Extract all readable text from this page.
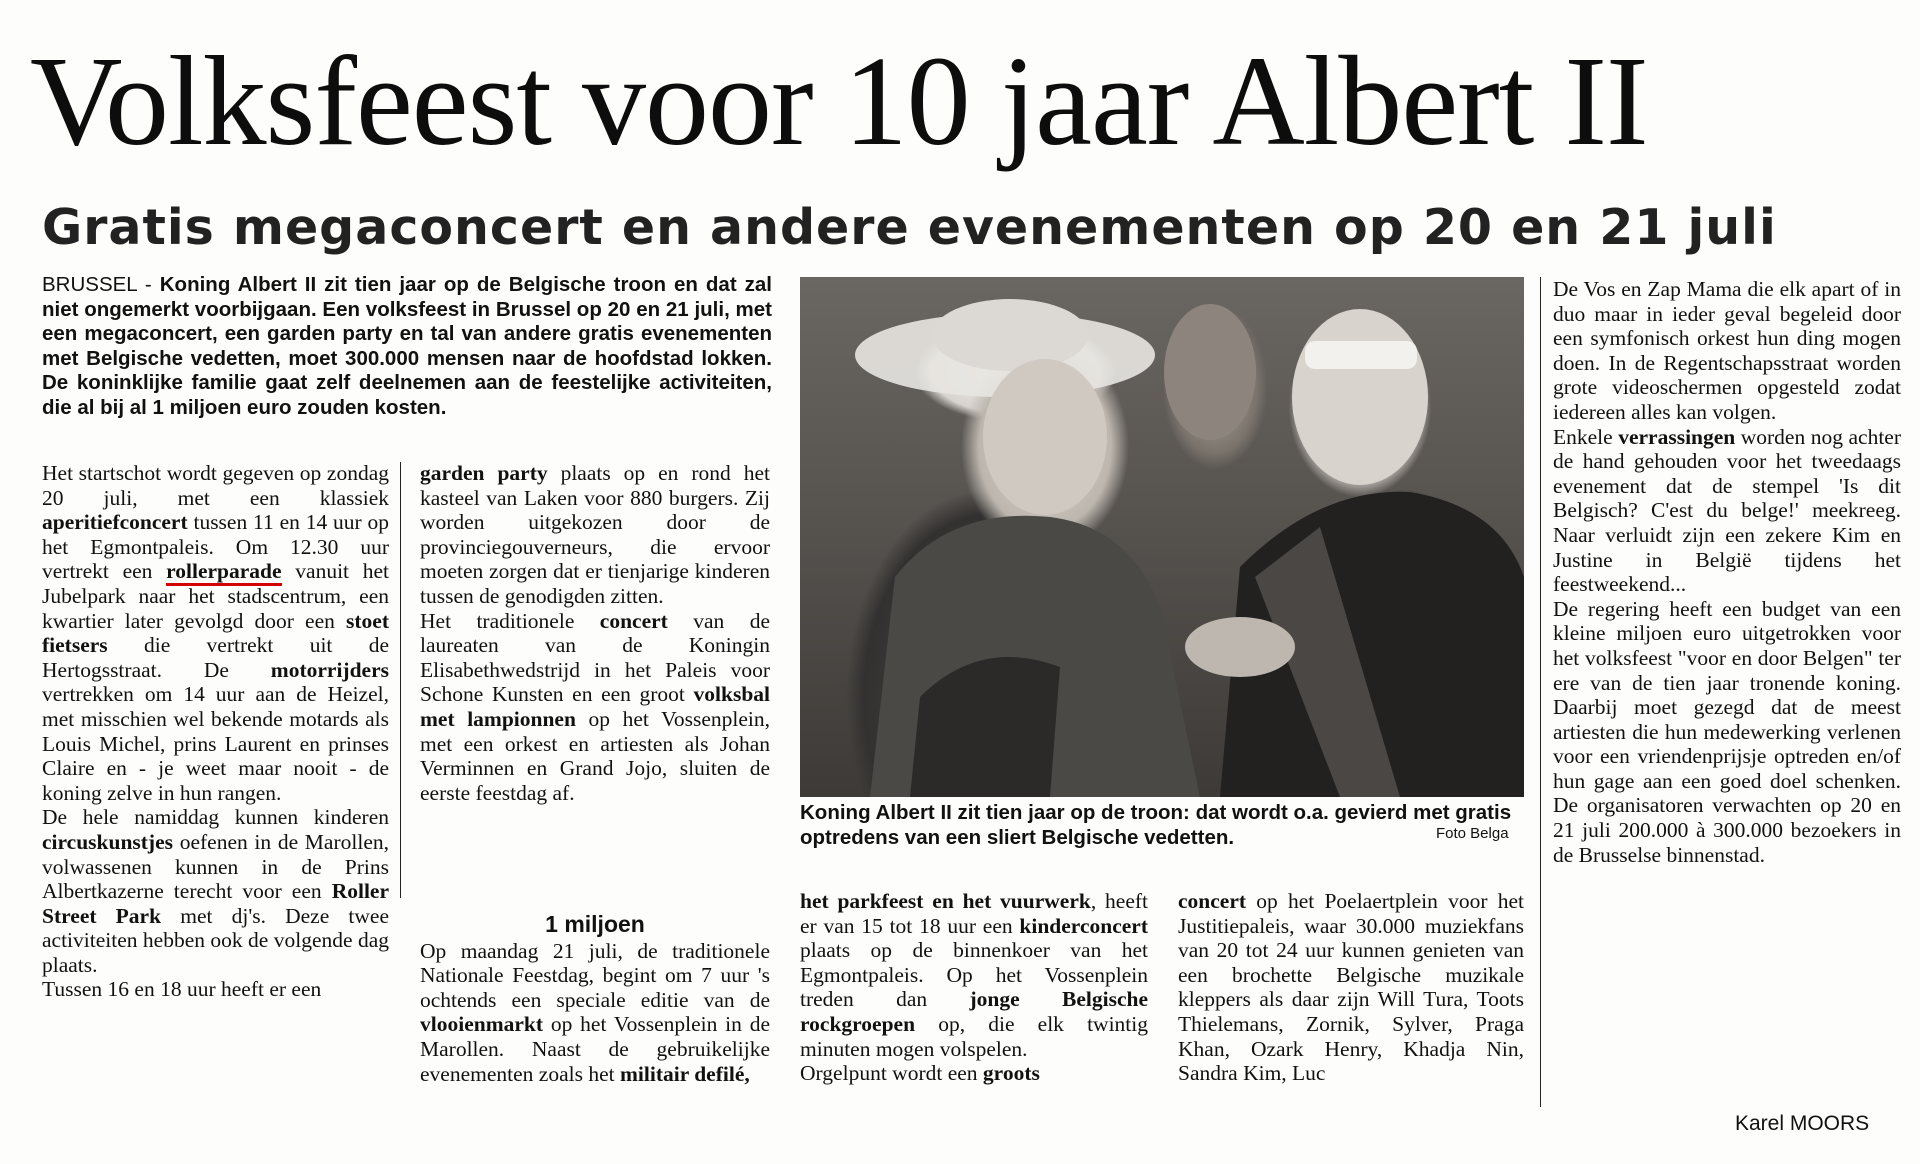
Volksfeest voor 10 jaar Albert II
Gratis megaconcert en andere evenementen op 20 en 21 juli
BRUSSEL - Koning Albert II zit tien jaar op de Belgische troon en dat zal niet ongemerkt voorbijgaan. Een volksfeest in Brussel op 20 en 21 juli, met een megaconcert, een garden party en tal van andere gratis evenementen met Belgische vedetten, moet 300.000 mensen naar de hoofdstad lokken. De koninklijke familie gaat zelf deelnemen aan de feestelijke activiteiten, die al bij al 1 miljoen euro zouden kosten.

Het startschot wordt gegeven op zondag 20 juli, met een klassiek aperitiefconcert tussen 11 en 14 uur op het Egmontpaleis. Om 12.30 uur vertrekt een rollerparade vanuit het Jubelpark naar het stadscentrum, een kwartier later gevolgd door een stoet fietsers die vertrekt uit de Hertogsstraat. De motorrijders vertrekken om 14 uur aan de Heizel, met misschien wel bekende motards als Louis Michel, prins Laurent en prinses Claire en - je weet maar nooit - de koning zelve in hun rangen.

De hele namiddag kunnen kinderen circuskunstjes oefenen in de Marollen, volwassenen kunnen in de Prins Albertkazerne terecht voor een Roller Street Park met dj's. Deze twee activiteiten hebben ook de volgende dag plaats.

Tussen 16 en 18 uur heeft er een

garden party plaats op en rond het kasteel van Laken voor 880 burgers. Zij worden uitgekozen door de provinciegouverneurs, die ervoor moeten zorgen dat er tienjarige kinderen tussen de genodigden zitten.

Het traditionele concert van de laureaten van de Koningin Elisabethwedstrijd in het Paleis voor Schone Kunsten en een groot volksbal met lampionnen op het Vossenplein, met een orkest en artiesten als Johan Verminnen en Grand Jojo, sluiten de eerste feestdag af.

1 miljoen

Op maandag 21 juli, de traditionele Nationale Feestdag, begint om 7 uur 's ochtends een speciale editie van de vlooienmarkt op het Vossenplein in de Marollen. Naast de gebruikelijke evenementen zoals het militair defilé,

Koning Albert II zit tien jaar op de troon: dat wordt o.a. gevierd met gratis optredens van een sliert Belgische vedetten.	Foto Belga

het parkfeest en het vuurwerk, heeft er van 15 tot 18 uur een kinderconcert plaats op de binnenkoer van het Egmontpaleis. Op het Vossenplein treden dan jonge Belgische rockgroepen op, die elk twintig minuten mogen volspelen.

Orgelpunt wordt een groots

concert op het Poelaertplein voor het Justitiepaleis, waar 30.000 muziekfans van 20 tot 24 uur kunnen genieten van een brochette Belgische muzikale kleppers als daar zijn Will Tura, Toots Thielemans, Zornik, Sylver, Praga Khan, Ozark Henry, Khadja Nin, Sandra Kim, Luc

De Vos en Zap Mama die elk apart of in duo maar in ieder geval begeleid door een symfonisch orkest hun ding mogen doen. In de Regentschapsstraat worden grote videoschermen opgesteld zodat iedereen alles kan volgen.

Enkele verrassingen worden nog achter de hand gehouden voor het tweedaags evenement dat de stempel 'Is dit Belgisch? C'est du belge!' meekreeg. Naar verluidt zijn een zekere Kim en Justine in België tijdens het feestweekend...

De regering heeft een budget van een kleine miljoen euro uitgetrokken voor het volksfeest "voor en door Belgen" ter ere van de tien jaar tronende koning. Daarbij moet gezegd dat de meest artiesten die hun medewerking verlenen voor een vriendenprijsje optreden en/of hun gage aan een goed doel schenken. De organisatoren verwachten op 20 en 21 juli 200.000 à 300.000 bezoekers in de Brusselse binnenstad.

Karel MOORS
